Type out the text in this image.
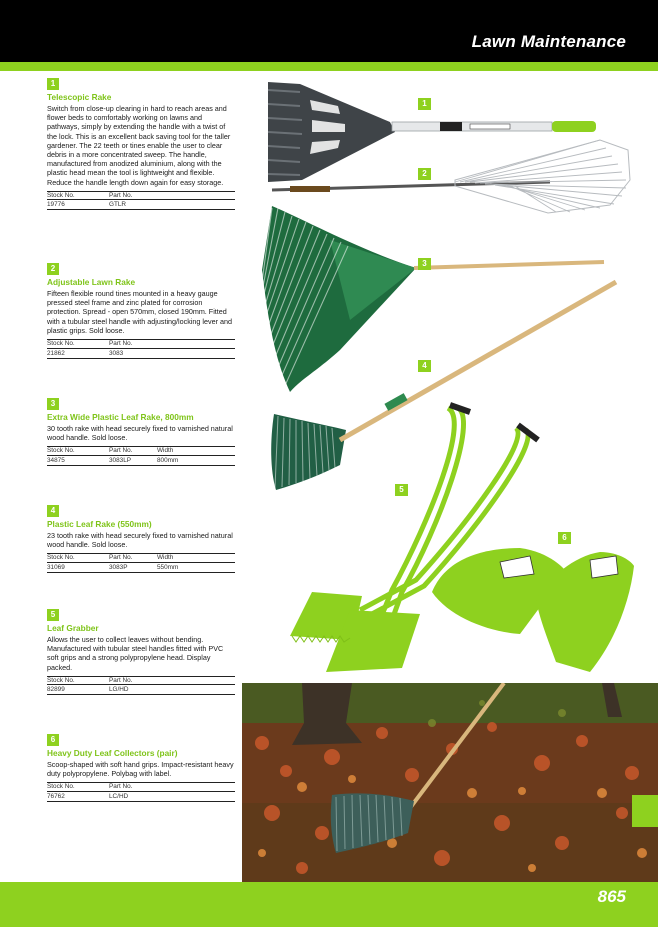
Lawn Maintenance
1
Telescopic Rake

Switch from close-up clearing in hard to reach areas and flower beds to comfortably working on lawns and pathways, simply by extending the handle with a twist of the lock. This is an excellent back saving tool for the taller gardener. The 22 teeth or tines enable the user to clear debris in a more concentrated sweep. The handle, manufactured from anodized aluminium, along with the plastic head mean the tool is lightweight and flexible. Reduce the handle length down again for easy storage.

Stock No.	Part No.
19776	GTLR
2
Adjustable Lawn Rake

Fifteen flexible round tines mounted in a heavy gauge pressed steel frame and zinc plated for corrosion protection. Spread - open 570mm, closed 190mm. Fitted with a tubular steel handle with adjusting/locking lever and plastic grips. Sold loose.

Stock No.	Part No.
21862	3083
3
Extra Wide Plastic Leaf Rake, 800mm

30 tooth rake with head securely fixed to varnished natural wood handle. Sold loose.

Stock No.	Part No.	Width
34875	3083LP	800mm
4
Plastic Leaf Rake (550mm)

23 tooth rake with head securely fixed to varnished natural wood handle. Sold loose.

Stock No.	Part No.	Width
31069	3083P	550mm
5
Leaf Grabber

Allows the user to collect leaves without bending. Manufactured with tubular steel handles fitted with PVC soft grips and a strong polypropylene head. Display packed.

Stock No.	Part No.
82899	LG/HD
6
Heavy Duty Leaf Collectors (pair)

Scoop-shaped with soft hand grips. Impact-resistant heavy duty polypropylene. Polybag with label.

Stock No.	Part No.
76762	LC/HD
1
2
3
4
5
6
865
